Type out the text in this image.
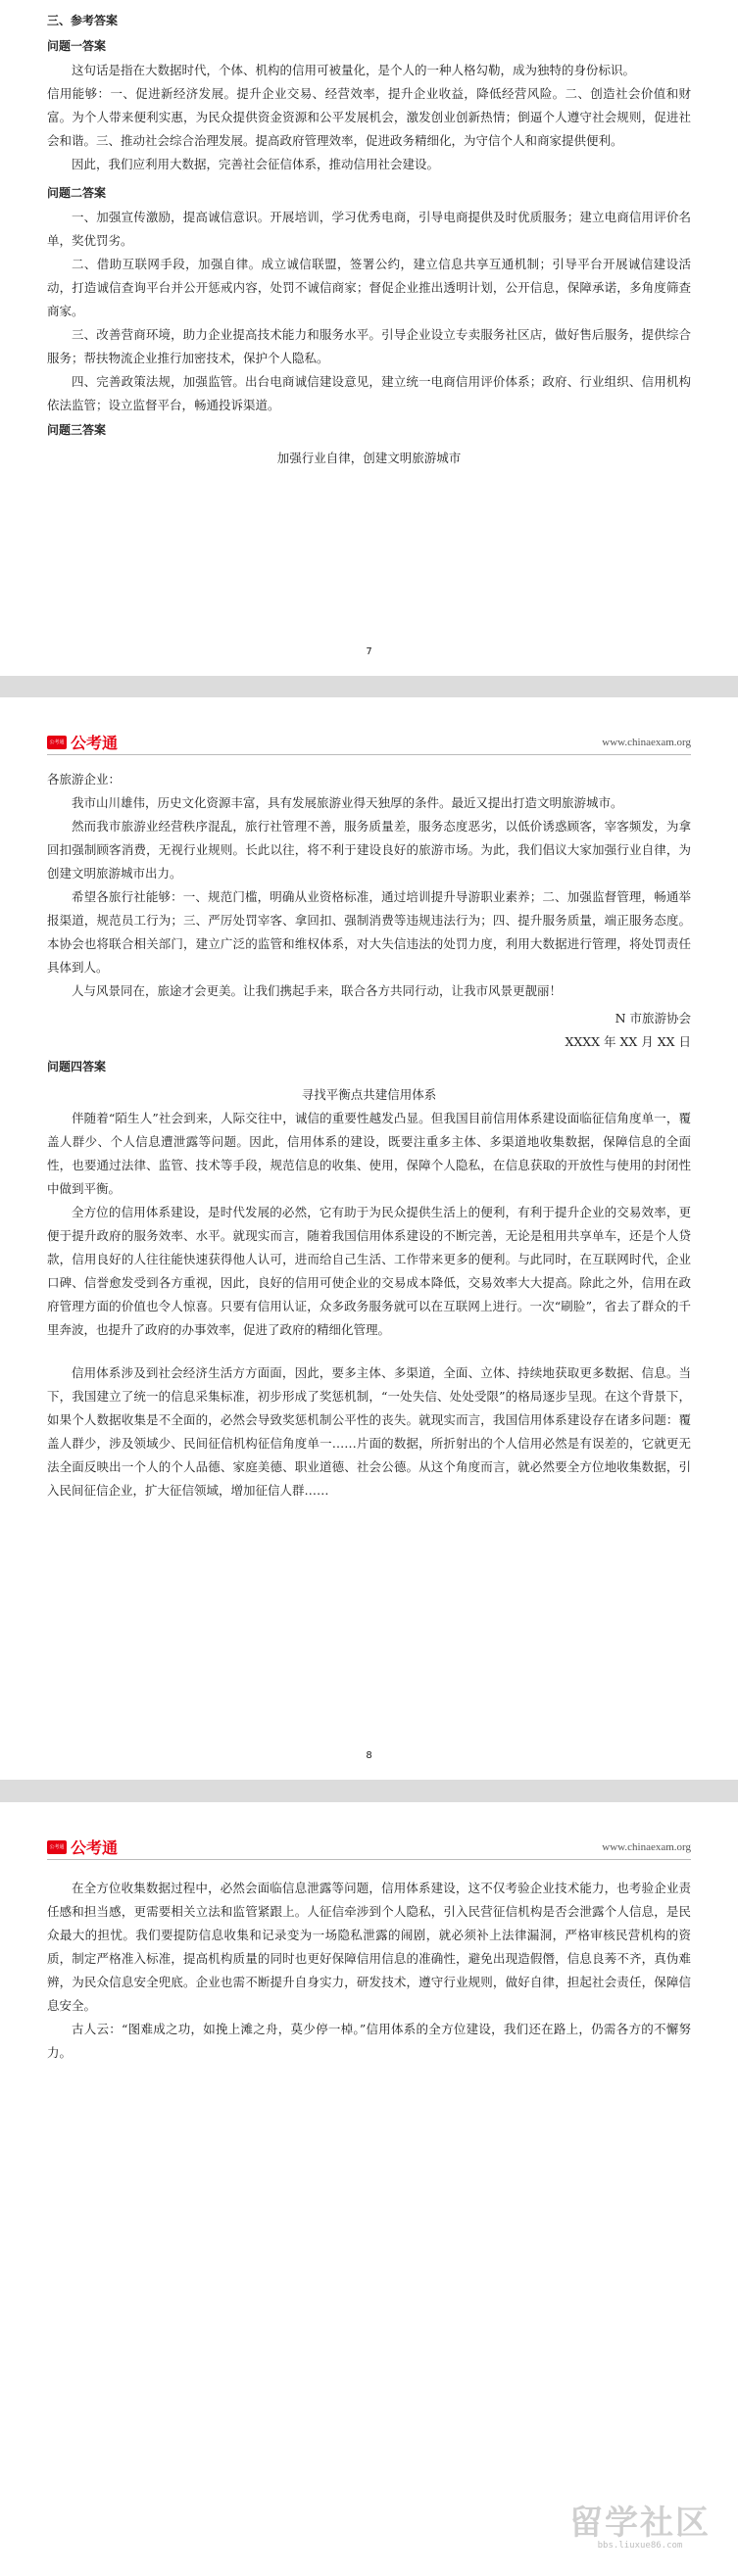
三、参考答案

问题一答案

这句话是指在大数据时代，个体、机构的信用可被量化，是个人的一种人格勾勒，成为独特的身份标识。

信用能够：一、促进新经济发展。提升企业交易、经营效率，提升企业收益，降低经营风险。二、创造社会价值和财富。为个人带来便利实惠，为民众提供资金资源和公平发展机会，激发创业创新热情；倒逼个人遵守社会规则，促进社会和谐。三、推动社会综合治理发展。提高政府管理效率，促进政务精细化，为守信个人和商家提供便利。

因此，我们应利用大数据，完善社会征信体系，推动信用社会建设。

问题二答案

一、加强宣传激励，提高诚信意识。开展培训，学习优秀电商，引导电商提供及时优质服务；建立电商信用评价名单，奖优罚劣。

二、借助互联网手段，加强自律。成立诚信联盟，签署公约，建立信息共享互通机制；引导平台开展诚信建设活动，打造诚信查询平台并公开惩戒内容，处罚不诚信商家；督促企业推出透明计划，公开信息，保障承诺，多角度筛查商家。

三、改善营商环境，助力企业提高技术能力和服务水平。引导企业设立专卖服务社区店，做好售后服务，提供综合服务；帮扶物流企业推行加密技术，保护个人隐私。

四、完善政策法规，加强监管。出台电商诚信建设意见，建立统一电商信用评价体系；政府、行业组织、信用机构依法监管；设立监督平台，畅通投诉渠道。

问题三答案

加强行业自律，创建文明旅游城市

7
公考通 公考通	www.chinaexam.org

各旅游企业：

我市山川雄伟，历史文化资源丰富，具有发展旅游业得天独厚的条件。最近又提出打造文明旅游城市。

然而我市旅游业经营秩序混乱，旅行社管理不善，服务质量差，服务态度恶劣，以低价诱惑顾客，宰客频发，为拿回扣强制顾客消费，无视行业规则。长此以往，将不利于建设良好的旅游市场。为此，我们倡议大家加强行业自律，为创建文明旅游城市出力。

希望各旅行社能够：一、规范门槛，明确从业资格标准，通过培训提升导游职业素养；二、加强监督管理，畅通举报渠道，规范员工行为；三、严厉处罚宰客、拿回扣、强制消费等违规违法行为；四、提升服务质量，端正服务态度。本协会也将联合相关部门，建立广泛的监管和维权体系，对大失信违法的处罚力度，利用大数据进行管理，将处罚责任具体到人。

人与风景同在，旅途才会更美。让我们携起手来，联合各方共同行动，让我市风景更靓丽！

N 市旅游协会

XXXX 年 XX 月 XX 日

问题四答案

寻找平衡点共建信用体系

伴随着“陌生人”社会到来，人际交往中，诚信的重要性越发凸显。但我国目前信用体系建设面临征信角度单一，覆盖人群少、个人信息遭泄露等问题。因此，信用体系的建设，既要注重多主体、多渠道地收集数据，保障信息的全面性，也要通过法律、监管、技术等手段，规范信息的收集、使用，保障个人隐私，在信息获取的开放性与使用的封闭性中做到平衡。

全方位的信用体系建设，是时代发展的必然，它有助于为民众提供生活上的便利，有利于提升企业的交易效率，更便于提升政府的服务效率、水平。就现实而言，随着我国信用体系建设的不断完善，无论是租用共享单车，还是个人贷款，信用良好的人往往能快速获得他人认可，进而给自己生活、工作带来更多的便利。与此同时，在互联网时代，企业口碑、信誉愈发受到各方重视，因此，良好的信用可使企业的交易成本降低，交易效率大大提高。除此之外，信用在政府管理方面的价值也令人惊喜。只要有信用认证，众多政务服务就可以在互联网上进行。一次“刷脸”，省去了群众的千里奔波，也提升了政府的办事效率，促进了政府的精细化管理。

信用体系涉及到社会经济生活方方面面，因此，要多主体、多渠道，全面、立体、持续地获取更多数据、信息。当下，我国建立了统一的信息采集标准，初步形成了奖惩机制，“一处失信、处处受限”的格局逐步呈现。在这个背景下，如果个人数据收集是不全面的，必然会导致奖惩机制公平性的丧失。就现实而言，我国信用体系建设存在诸多问题：覆盖人群少，涉及领域少、民间征信机构征信角度单一……片面的数据，所折射出的个人信用必然是有误差的，它就更无法全面反映出一个人的个人品德、家庭美德、职业道德、社会公德。从这个角度而言，就必然要全方位地收集数据，引入民间征信企业，扩大征信领域，增加征信人群……

8
公考通 公考通	www.chinaexam.org

在全方位收集数据过程中，必然会面临信息泄露等问题，信用体系建设，这不仅考验企业技术能力，也考验企业责任感和担当感，更需要相关立法和监管紧跟上。人征信牵涉到个人隐私，引入民营征信机构是否会泄露个人信息，是民众最大的担忧。我们要提防信息收集和记录变为一场隐私泄露的闹剧，就必须补上法律漏洞，严格审核民营机构的资质，制定严格准入标准，提高机构质量的同时也更好保障信用信息的准确性，避免出现造假僭，信息良莠不齐，真伪难辨，为民众信息安全兜底。企业也需不断提升自身实力，研发技术，遵守行业规则，做好自律，担起社会责任，保障信息安全。

古人云：“图难成之功，如挽上滩之舟，莫少停一棹。”信用体系的全方位建设，我们还在路上，仍需各方的不懈努力。

留学社区
bbs.liuxue86.com
